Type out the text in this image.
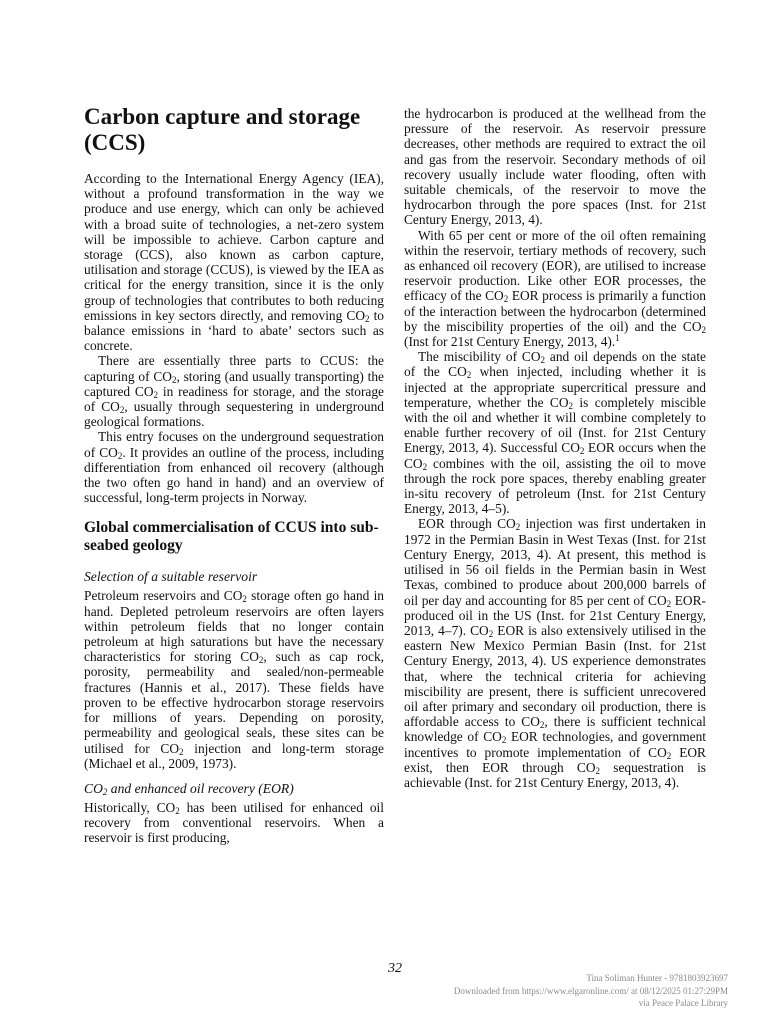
Carbon capture and storage (CCS)

According to the International Energy Agency (IEA), without a profound transformation in the way we produce and use energy, which can only be achieved with a broad suite of technologies, a net-zero system will be impossible to achieve. Carbon capture and storage (CCS), also known as carbon capture, utilisation and storage (CCUS), is viewed by the IEA as critical for the energy transition, since it is the only group of technologies that contributes to both reducing emissions in key sectors directly, and removing $CO_2$ to balance emissions in ‘hard to abate’ sectors such as concrete.

There are essentially three parts to CCUS: the capturing of $CO_2$, storing (and usually transporting) the captured $CO_2$ in readiness for storage, and the storage of $CO_2$, usually through sequestering in underground geological formations.

This entry focuses on the underground sequestration of $CO_2$. It provides an outline of the process, including differentiation from enhanced oil recovery (although the two often go hand in hand) and an overview of successful, long-term projects in Norway.

Global commercialisation of CCUS into sub-seabed geology
Selection of a suitable reservoir

Petroleum reservoirs and $CO_2$ storage often go hand in hand. Depleted petroleum reservoirs are often layers within petroleum fields that no longer contain petroleum at high saturations but have the necessary characteristics for storing $CO_2$, such as cap rock, porosity, permeability and sealed/non-permeable fractures (Hannis et al., 2017). These fields have proven to be effective hydrocarbon storage reservoirs for millions of years. Depending on porosity, permeability and geological seals, these sites can be utilised for $CO_2$ injection and long-term storage (Michael et al., 2009, 1973).

$CO_2$ and enhanced oil recovery (EOR)

Historically, $CO_2$ has been utilised for enhanced oil recovery from conventional reservoirs. When a reservoir is first producing,

the hydrocarbon is produced at the wellhead from the pressure of the reservoir. As reservoir pressure decreases, other methods are required to extract the oil and gas from the reservoir. Secondary methods of oil recovery usually include water flooding, often with suitable chemicals, of the reservoir to move the hydrocarbon through the pore spaces (Inst. for 21st Century Energy, 2013, 4).

With 65 per cent or more of the oil often remaining within the reservoir, tertiary methods of recovery, such as enhanced oil recovery (EOR), are utilised to increase reservoir production. Like other EOR processes, the efficacy of the $CO_2$ EOR process is primarily a function of the interaction between the hydrocarbon (determined by the miscibility properties of the oil) and the $CO_2$ (Inst for 21st Century Energy, 2013, 4).$^1$

The miscibility of $CO_2$ and oil depends on the state of the $CO_2$ when injected, including whether it is injected at the appropriate supercritical pressure and temperature, whether the $CO_2$ is completely miscible with the oil and whether it will combine completely to enable further recovery of oil (Inst. for 21st Century Energy, 2013, 4). Successful $CO_2$ EOR occurs when the $CO_2$ combines with the oil, assisting the oil to move through the rock pore spaces, thereby enabling greater in-situ recovery of petroleum (Inst. for 21st Century Energy, 2013, 4–5).

EOR through $CO_2$ injection was first undertaken in 1972 in the Permian Basin in West Texas (Inst. for 21st Century Energy, 2013, 4). At present, this method is utilised in 56 oil fields in the Permian basin in West Texas, combined to produce about 200,000 barrels of oil per day and accounting for 85 per cent of $CO_2$ EOR-produced oil in the US (Inst. for 21st Century Energy, 2013, 4–7). $CO_2$ EOR is also extensively utilised in the eastern New Mexico Permian Basin (Inst. for 21st Century Energy, 2013, 4). US experience demonstrates that, where the technical criteria for achieving miscibility are present, there is sufficient unrecovered oil after primary and secondary oil production, there is affordable access to $CO_2$, there is sufficient technical knowledge of $CO_2$ EOR technologies, and government incentives to promote implementation of $CO_2$ EOR exist, then EOR through $CO_2$ sequestration is achievable (Inst. for 21st Century Energy, 2013, 4).

32
Tina Soliman Hunter - 9781803923697
Downloaded from https://www.elgaronline.com/ at 08/12/2025 01:27:29PM
via Peace Palace Library
